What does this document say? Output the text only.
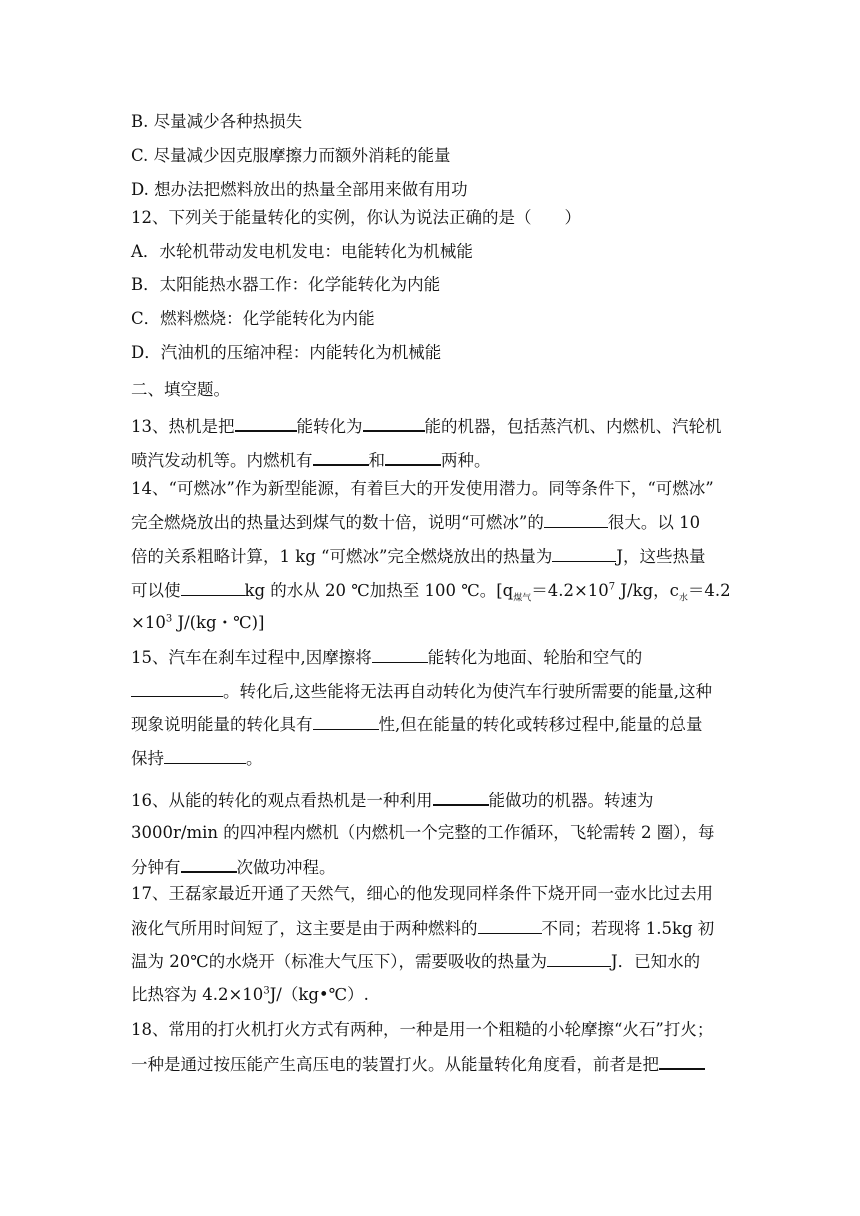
B. 尽量减少各种热损失
C. 尽量减少因克服摩擦力而额外消耗的能量
D. 想办法把燃料放出的热量全部用来做有用功
12、下列关于能量转化的实例，你认为说法正确的是（　　）
A．水轮机带动发电机发电：电能转化为机械能
B．太阳能热水器工作：化学能转化为内能
C．燃料燃烧：化学能转化为内能
D．汽油机的压缩冲程：内能转化为机械能
二、填空题。
13、热机是把	能转化为	能的机器，包括蒸汽机、内燃机、汽轮机
喷汽发动机等。内燃机有	和	两种。
14、“可燃冰”作为新型能源，有着巨大的开发使用潜力。同等条件下，“可燃冰”
完全燃烧放出的热量达到煤气的数十倍，说明“可燃冰”的	很大。以 10
倍的关系粗略计算，1 kg “可燃冰”完全燃烧放出的热量为	J，这些热量
可以使	kg 的水从 20 ℃加热至 100 ℃。[$q_{煤气}=4.2\times 10^7$ J/kg，$c_水=4.2$
$\times 10^3$ J/(kg・℃)]
15、汽车在刹车过程中,因摩擦将	能转化为地面、轮胎和空气的
。转化后,这些能将无法再自动转化为使汽车行驶所需要的能量,这种
现象说明能量的转化具有	性,但在能量的转化或转移过程中,能量的总量
保持	。
16、从能的转化的观点看热机是一种利用	能做功的机器。转速为
3000r/min 的四冲程内燃机（内燃机一个完整的工作循环，飞轮需转 2 圈），每
分钟有	次做功冲程。
17、王磊家最近开通了天然气，细心的他发现同样条件下烧开同一壶水比过去用
液化气所用时间短了，这主要是由于两种燃料的	不同；若现将 1.5kg 初
温为 20℃的水烧开（标准大气压下），需要吸收的热量为	J．已知水的
比热容为 $4.2\times 10^3J/(kg•℃)$.
18、常用的打火机打火方式有两种，一种是用一个粗糙的小轮摩擦“火石”打火；
一种是通过按压能产生高压电的装置打火。从能量转化角度看，前者是把
